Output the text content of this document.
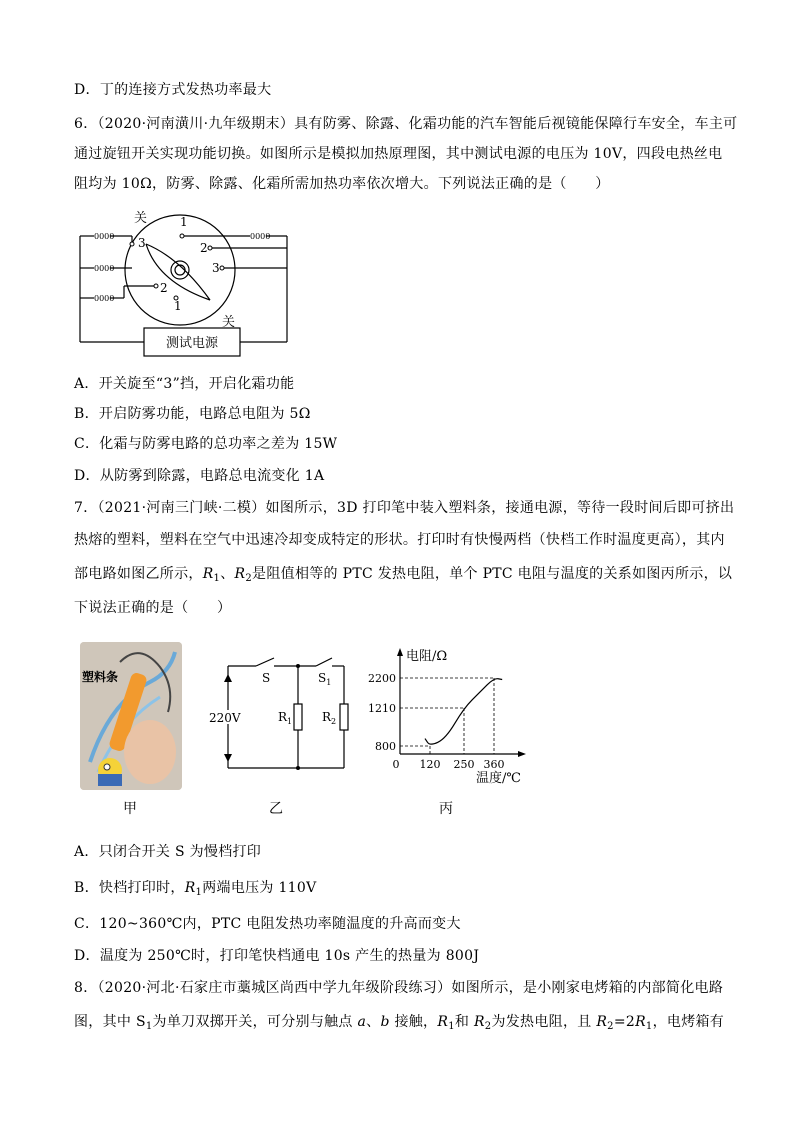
D．丁的连接方式发热功率最大
6．（2020·河南潢川·九年级期末）具有防雾、除露、化霜功能的汽车智能后视镜能保障行车安全，车主可
通过旋钮开关实现功能切换。如图所示是模拟加热原理图，其中测试电源的电压为 10V，四段电热丝电
阻均为 10Ω，防雾、除露、化霜所需加热功率依次增大。下列说法正确的是（　　）
0000
0000
0000
0000
关	1
2
3
3
2
1
关
测试电源
A．开关旋至“3”挡，开启化霜功能
B．开启防雾功能，电路总电阻为 5Ω
C．化霜与防雾电路的总功率之差为 15W
D．从防雾到除露，电路总电流变化 1A
7．（2021·河南三门峡·二模）如图所示，3D 打印笔中装入塑料条，接通电源，等待一段时间后即可挤出
热熔的塑料，塑料在空气中迅速冷却变成特定的形状。打印时有快慢两档（快档工作时温度更高），其内
部电路如图乙所示，$R_1$、$R_2$是阻值相等的 PTC 发热电阻，单个 PTC 电阻与温度的关系如图丙所示，以
下说法正确的是（　　）
塑料条
甲
S	$S_1$
220V	$R_1$ $R_2$
乙
800
1210
2200
0 120 250 360
电阻/Ω
温度/℃
丙
A．只闭合开关 S 为慢档打印
B．快档打印时，$R_1$两端电压为 110V
C．120~360℃内，PTC 电阻发热功率随温度的升高而变大
D．温度为 250℃时，打印笔快档通电 10s 产生的热量为 800J
8．（2020·河北·石家庄市藁城区尚西中学九年级阶段练习）如图所示，是小刚家电烤箱的内部简化电路
图，其中 $S_1$为单刀双掷开关，可分别与触点 a、b 接触，$R_1$和 $R_2$为发热电阻，且 $R_2=2R_1$，电烤箱有
